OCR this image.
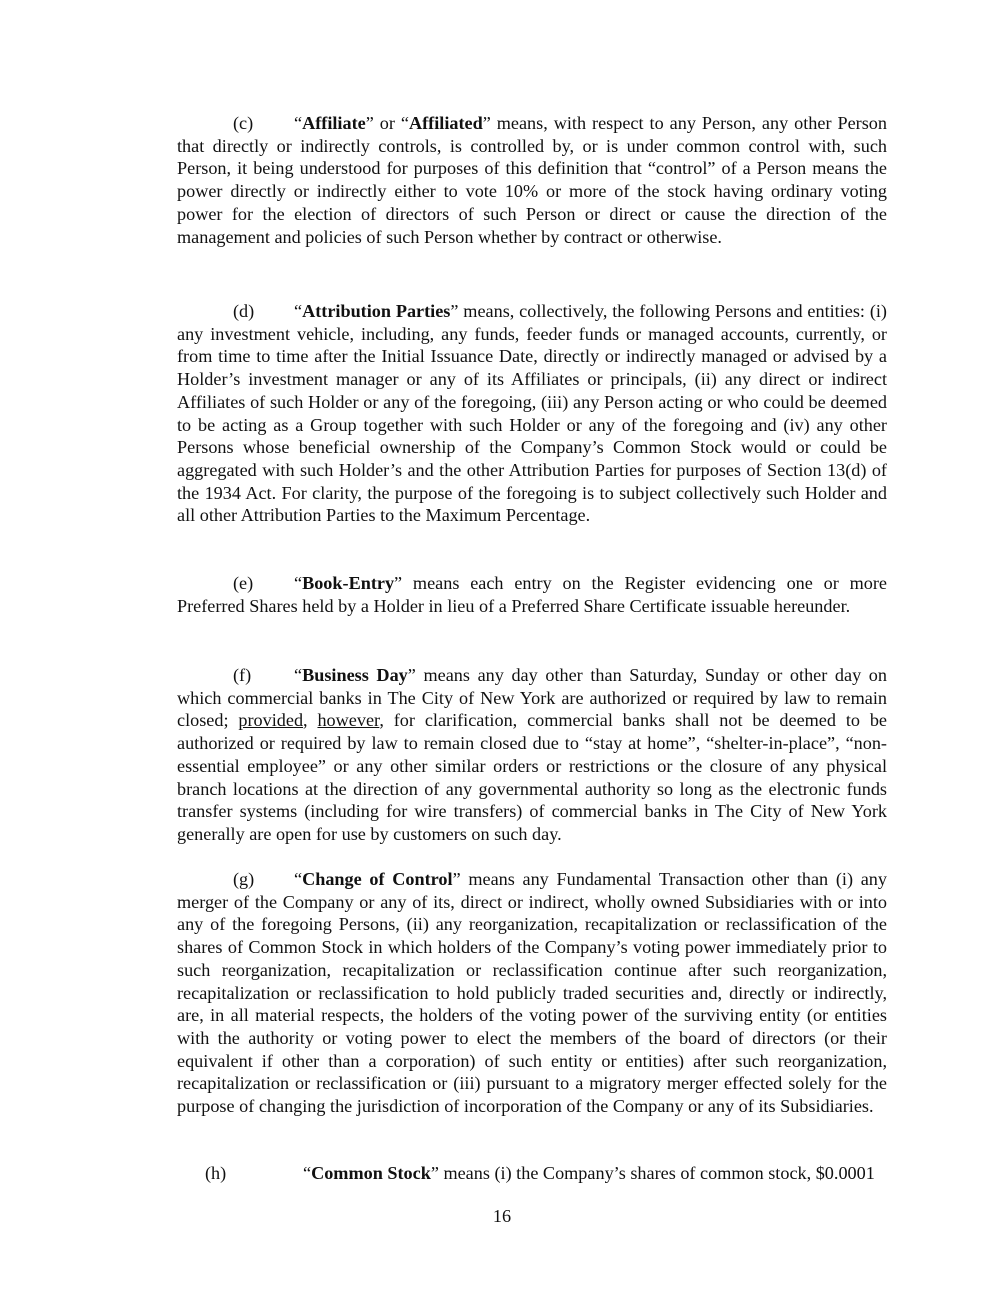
(c) “Affiliate” or “Affiliated” means, with respect to any Person, any other Person that directly or indirectly controls, is controlled by, or is under common control with, such Person, it being understood for purposes of this definition that “control” of a Person means the power directly or indirectly either to vote 10% or more of the stock having ordinary voting power for the election of directors of such Person or direct or cause the direction of the management and policies of such Person whether by contract or otherwise.

(d) “Attribution Parties” means, collectively, the following Persons and entities: (i) any investment vehicle, including, any funds, feeder funds or managed accounts, currently, or from time to time after the Initial Issuance Date, directly or indirectly managed or advised by a Holder’s investment manager or any of its Affiliates or principals, (ii) any direct or indirect Affiliates of such Holder or any of the foregoing, (iii) any Person acting or who could be deemed to be acting as a Group together with such Holder or any of the foregoing and (iv) any other Persons whose beneficial ownership of the Company’s Common Stock would or could be aggregated with such Holder’s and the other Attribution Parties for purposes of Section 13(d) of the 1934 Act. For clarity, the purpose of the foregoing is to subject collectively such Holder and all other Attribution Parties to the Maximum Percentage.

(e) “Book-Entry” means each entry on the Register evidencing one or more Preferred Shares held by a Holder in lieu of a Preferred Share Certificate issuable hereunder.

(f) “Business Day” means any day other than Saturday, Sunday or other day on which commercial banks in The City of New York are authorized or required by law to remain closed; provided, however, for clarification, commercial banks shall not be deemed to be authorized or required by law to remain closed due to “stay at home”, “shelter-in-place”, “non-essential employee” or any other similar orders or restrictions or the closure of any physical branch locations at the direction of any governmental authority so long as the electronic funds transfer systems (including for wire transfers) of commercial banks in The City of New York generally are open for use by customers on such day.

(g) “Change of Control” means any Fundamental Transaction other than (i) any merger of the Company or any of its, direct or indirect, wholly owned Subsidiaries with or into any of the foregoing Persons, (ii) any reorganization, recapitalization or reclassification of the shares of Common Stock in which holders of the Company’s voting power immediately prior to such reorganization, recapitalization or reclassification continue after such reorganization, recapitalization or reclassification to hold publicly traded securities and, directly or indirectly, are, in all material respects, the holders of the voting power of the surviving entity (or entities with the authority or voting power to elect the members of the board of directors (or their equivalent if other than a corporation) of such entity or entities) after such reorganization, recapitalization or reclassification or (iii) pursuant to a migratory merger effected solely for the purpose of changing the jurisdiction of incorporation of the Company or any of its Subsidiaries.

(h)	“Common Stock” means (i) the Company’s shares of common stock, $0.0001

16
